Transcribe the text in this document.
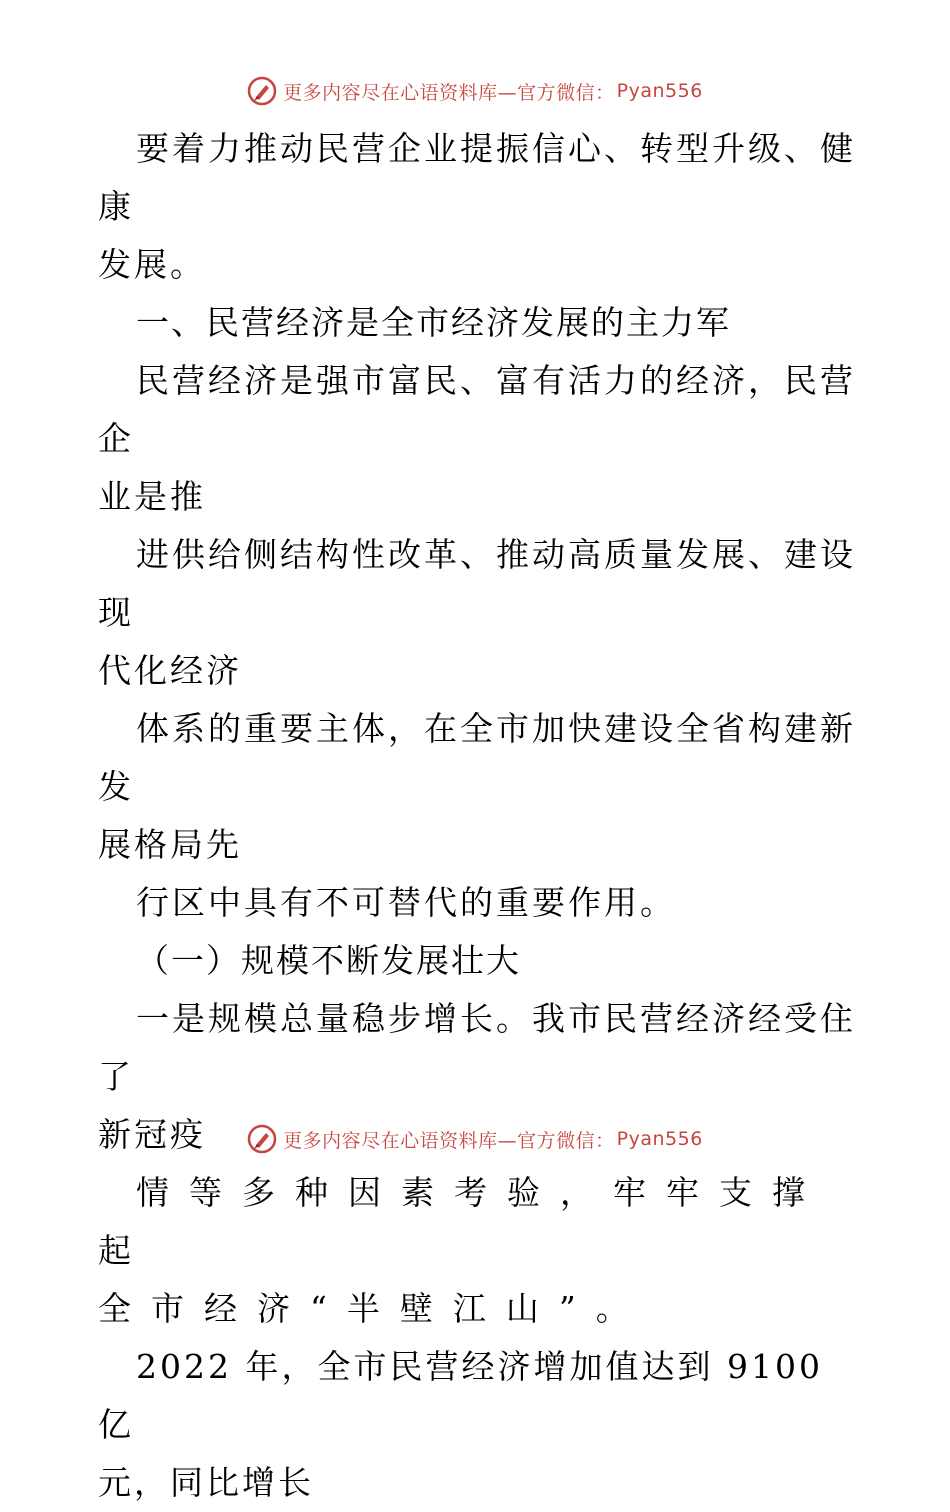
更多内容尽在心语资料库—官方微信： Pyan556

要着力推动民营企业提振信心、转型升级、健康

发展。

一、民营经济是全市经济发展的主力军

民营经济是强市富民、富有活力的经济，民营企

业是推

进供给侧结构性改革、推动高质量发展、建设现

代化经济

体系的重要主体，在全市加快建设全省构建新发

展格局先

行区中具有不可替代的重要作用。

（一）规模不断发展壮大

一是规模总量稳步增长。我市民营经济经受住了

新冠疫

情等多种因素考验，牢牢支撑起

全市经济“半壁江山”。

2022 年，全市民营经济增加值达到 9100 亿

元，同比增长

更多内容尽在心语资料库—官方微信： Pyan556
